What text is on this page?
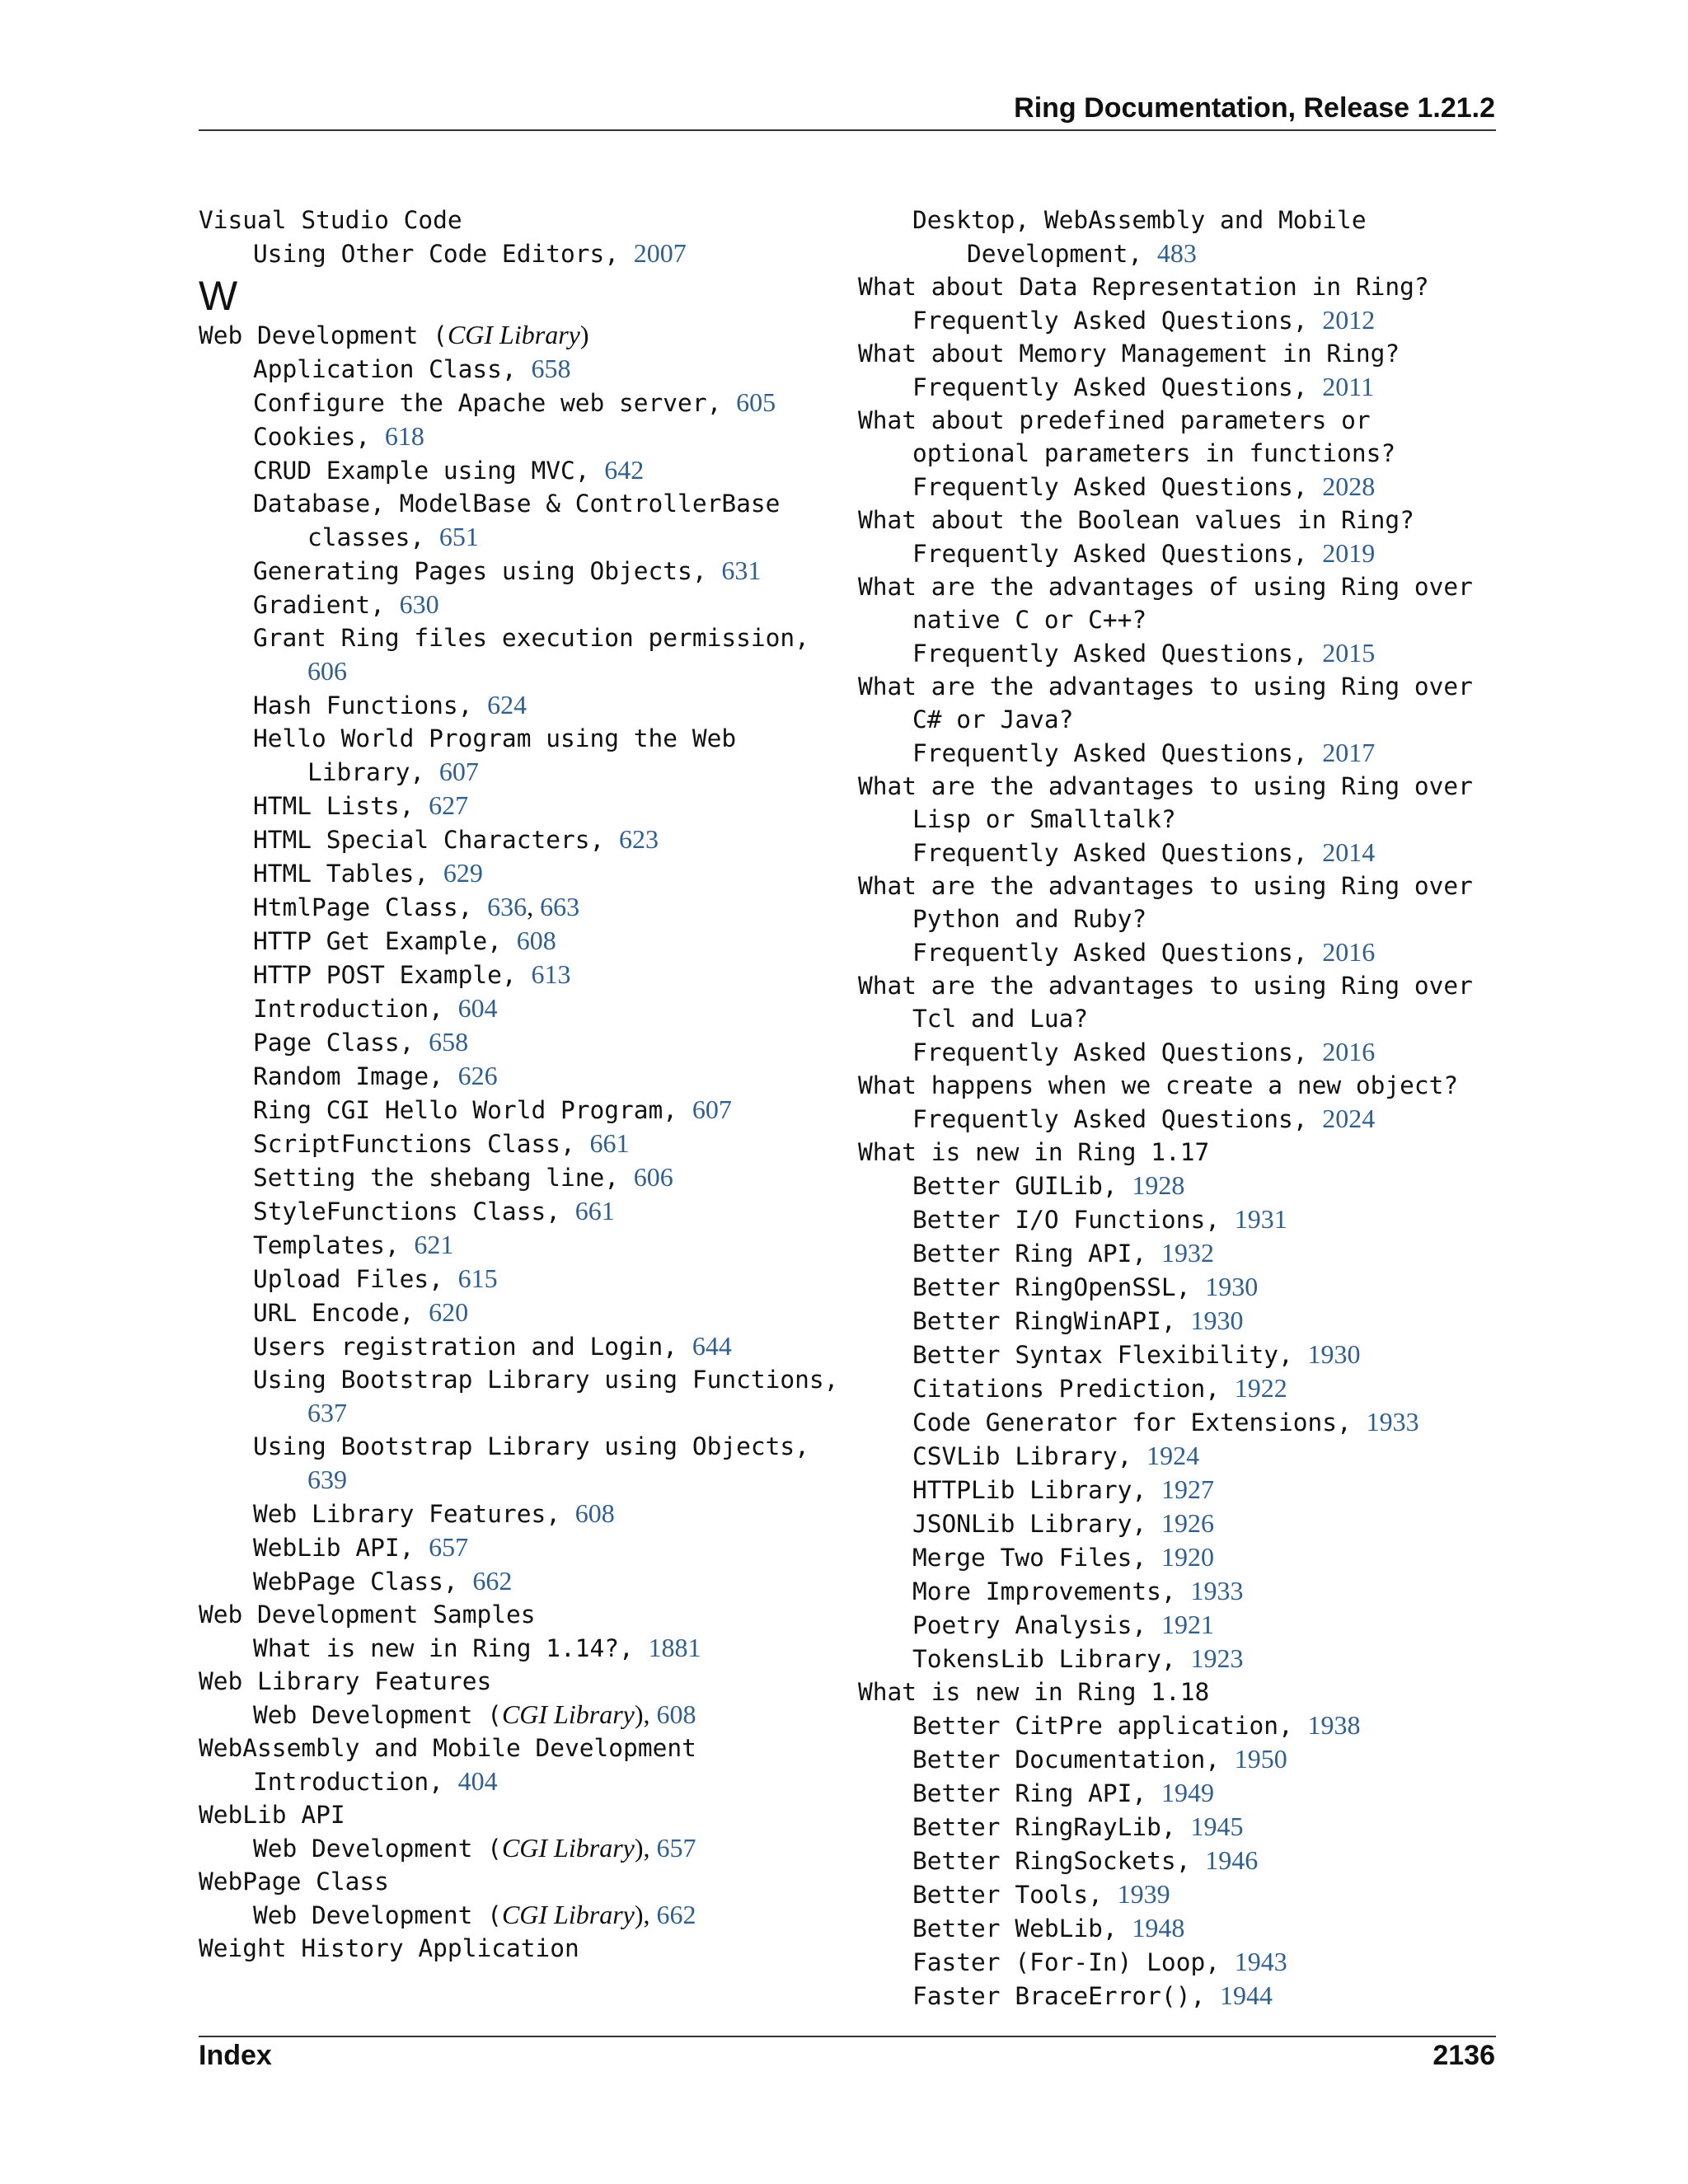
Ring Documentation, Release 1.21.2
Visual Studio Code
Using Other Code Editors, 2007
W
Web Development (CGI Library)
Application Class, 658
Configure the Apache web server, 605
Cookies, 618
CRUD Example using MVC, 642
Database, ModelBase & ControllerBase
classes, 651
Generating Pages using Objects, 631
Gradient, 630
Grant Ring files execution permission,
606
Hash Functions, 624
Hello World Program using the Web
Library, 607
HTML Lists, 627
HTML Special Characters, 623
HTML Tables, 629
HtmlPage Class, 636, 663
HTTP Get Example, 608
HTTP POST Example, 613
Introduction, 604
Page Class, 658
Random Image, 626
Ring CGI Hello World Program, 607
ScriptFunctions Class, 661
Setting the shebang line, 606
StyleFunctions Class, 661
Templates, 621
Upload Files, 615
URL Encode, 620
Users registration and Login, 644
Using Bootstrap Library using Functions,
637
Using Bootstrap Library using Objects,
639
Web Library Features, 608
WebLib API, 657
WebPage Class, 662
Web Development Samples
What is new in Ring 1.14?, 1881
Web Library Features
Web Development (CGI Library), 608
WebAssembly and Mobile Development
Introduction, 404
WebLib API
Web Development (CGI Library), 657
WebPage Class
Web Development (CGI Library), 662
Weight History Application
Desktop, WebAssembly and Mobile
Development, 483
What about Data Representation in Ring?
Frequently Asked Questions, 2012
What about Memory Management in Ring?
Frequently Asked Questions, 2011
What about predefined parameters or
optional parameters in functions?
Frequently Asked Questions, 2028
What about the Boolean values in Ring?
Frequently Asked Questions, 2019
What are the advantages of using Ring over
native C or C++?
Frequently Asked Questions, 2015
What are the advantages to using Ring over
C# or Java?
Frequently Asked Questions, 2017
What are the advantages to using Ring over
Lisp or Smalltalk?
Frequently Asked Questions, 2014
What are the advantages to using Ring over
Python and Ruby?
Frequently Asked Questions, 2016
What are the advantages to using Ring over
Tcl and Lua?
Frequently Asked Questions, 2016
What happens when we create a new object?
Frequently Asked Questions, 2024
What is new in Ring 1.17
Better GUILib, 1928
Better I/O Functions, 1931
Better Ring API, 1932
Better RingOpenSSL, 1930
Better RingWinAPI, 1930
Better Syntax Flexibility, 1930
Citations Prediction, 1922
Code Generator for Extensions, 1933
CSVLib Library, 1924
HTTPLib Library, 1927
JSONLib Library, 1926
Merge Two Files, 1920
More Improvements, 1933
Poetry Analysis, 1921
TokensLib Library, 1923
What is new in Ring 1.18
Better CitPre application, 1938
Better Documentation, 1950
Better Ring API, 1949
Better RingRayLib, 1945
Better RingSockets, 1946
Better Tools, 1939
Better WebLib, 1948
Faster (For-In) Loop, 1943
Faster BraceError(), 1944
Index	2136
